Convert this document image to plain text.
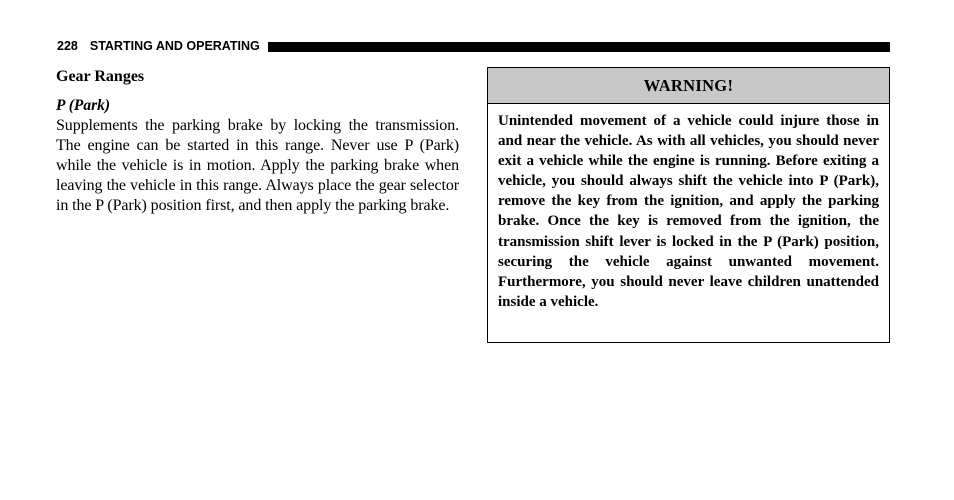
228 STARTING AND OPERATING
Gear Ranges
P (Park)

Supplements the parking brake by locking the transmission. The engine can be started in this range. Never use P (Park) while the vehicle is in motion. Apply the parking brake when leaving the vehicle in this range. Always place the gear selector in the P (Park) position first, and then apply the parking brake.

WARNING!
Unintended movement of a vehicle could injure those in and near the vehicle. As with all vehicles, you should never exit a vehicle while the engine is running. Before exiting a vehicle, you should always shift the vehicle into P (Park), remove the key from the ignition, and apply the parking brake. Once the key is removed from the ignition, the transmission shift lever is locked in the P (Park) position, securing the vehicle against unwanted movement. Furthermore, you should never leave children unattended inside a vehicle.
